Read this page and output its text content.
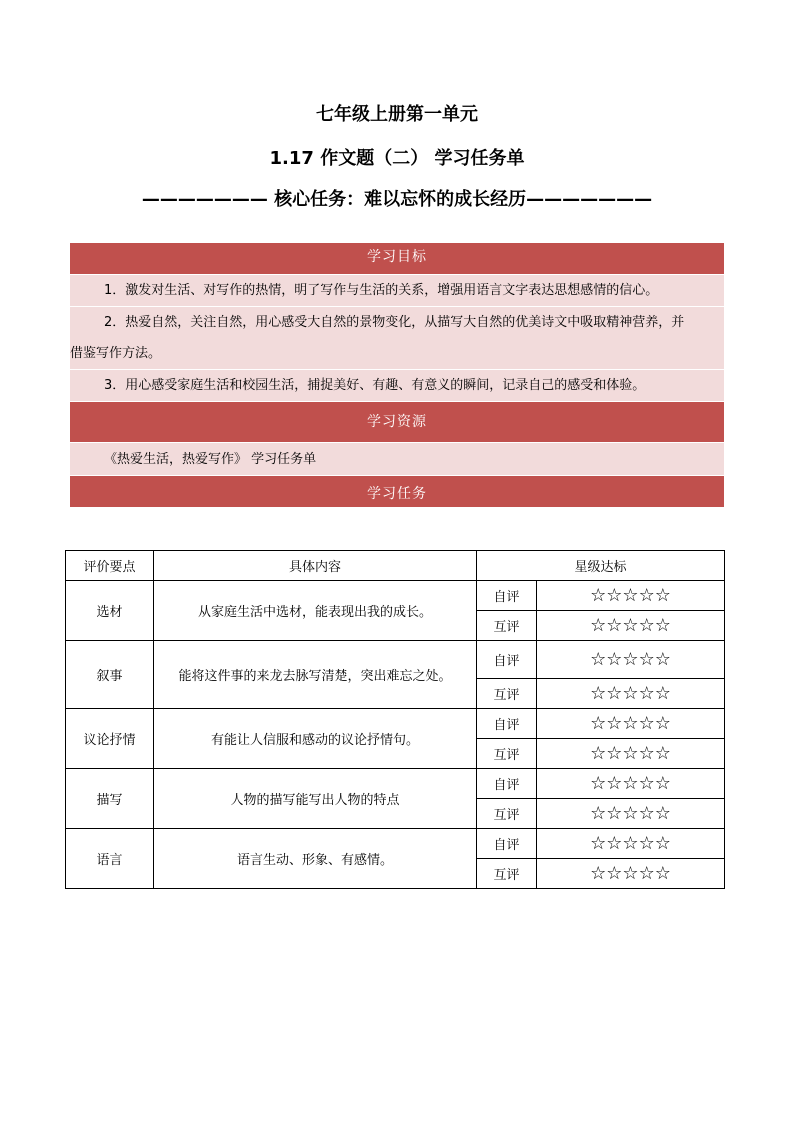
七年级上册第一单元
1.17 作文题（二） 学习任务单
——————— 核心任务：难以忘怀的成长经历———————
学习目标
1．激发对生活、对写作的热情，明了写作与生活的关系，增强用语言文字表达思想感情的信心。
2．热爱自然，关注自然，用心感受大自然的景物变化，从描写大自然的优美诗文中吸取精神营养，并
借鉴写作方法。
3．用心感受家庭生活和校园生活，捕捉美好、有趣、有意义的瞬间，记录自己的感受和体验。
学习资源
《热爱生活，热爱写作》 学习任务单
学习任务
评价要点	具体内容	星级达标	
选材	从家庭生活中选材，能表现出我的成长。	自评	☆☆☆☆☆
		互评	☆☆☆☆☆
叙事	能将这件事的来龙去脉写清楚，突出难忘之处。	自评	☆☆☆☆☆
		互评	☆☆☆☆☆
议论抒情	有能让人信服和感动的议论抒情句。	自评	☆☆☆☆☆
		互评	☆☆☆☆☆
描写	人物的描写能写出人物的特点	自评	☆☆☆☆☆
		互评	☆☆☆☆☆
语言	语言生动、形象、有感情。	自评	☆☆☆☆☆
		互评	☆☆☆☆☆
